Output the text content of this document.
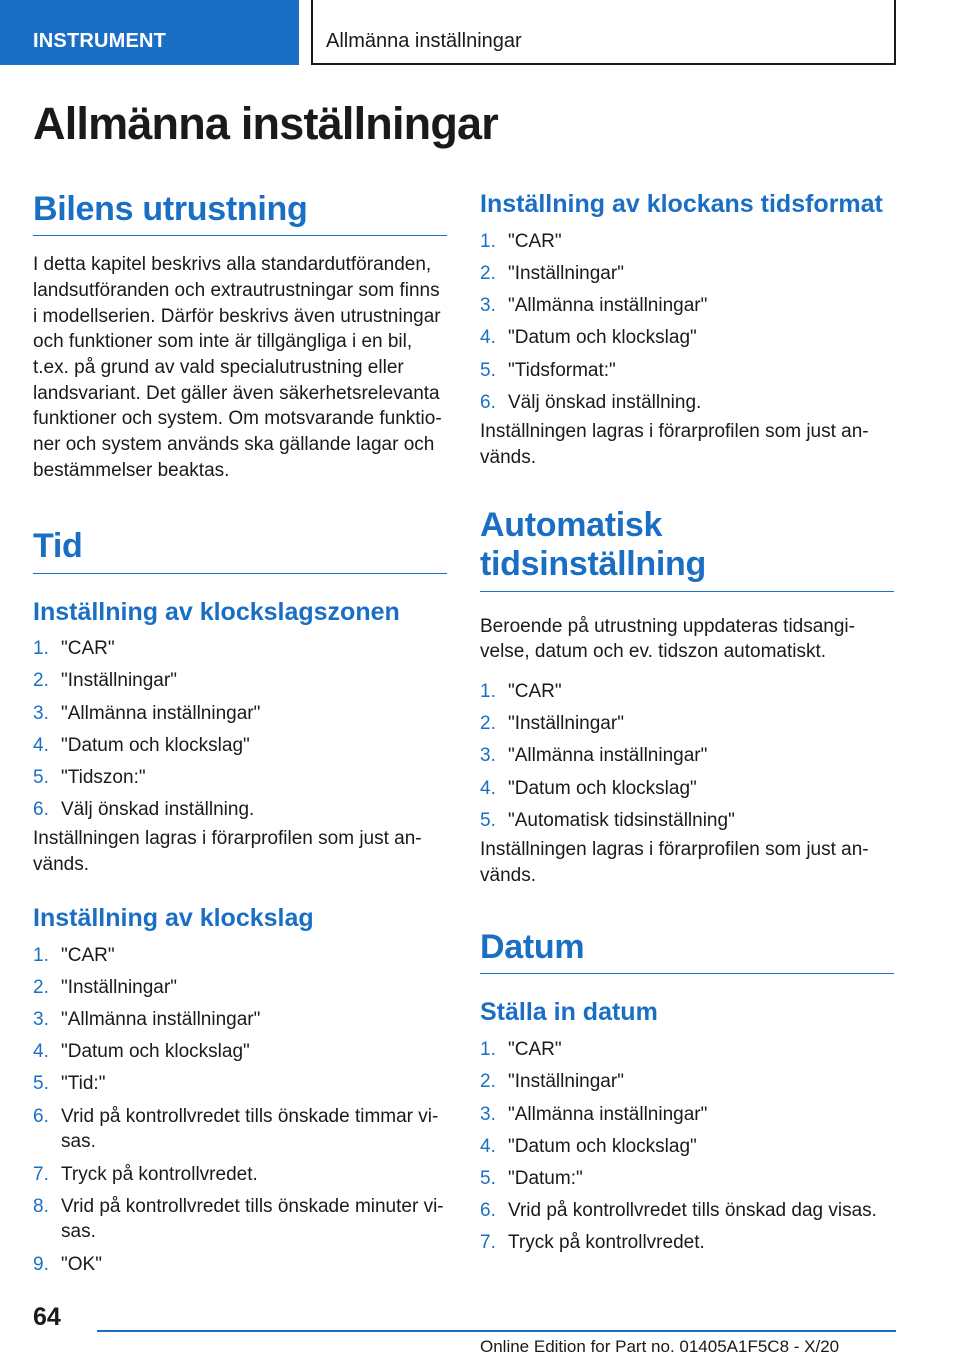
INSTRUMENT	Allmänna inställningar
Allmänna inställningar
Bilens utrustning

I detta kapitel beskrivs alla standardutföranden, landsutföranden och extrautrustningar som finns i modellserien. Därför beskrivs även utrustningar och funktioner som inte är tillgängliga i en bil, t.ex. på grund av vald specialutrustning eller landsvariant. Det gäller även säkerhetsrelevanta funktioner och system. Om motsvarande funktio-ner och system används ska gällande lagar och bestämmelser beaktas.

Tid
Inställning av klockslagszonen
1. "CAR"
2. "Inställningar"
3. "Allmänna inställningar"
4. "Datum och klockslag"
5. "Tidszon:"
6. Välj önskad inställning.

Inställningen lagras i förarprofilen som just an-vänds.

Inställning av klockslag
1. "CAR"
2. "Inställningar"
3. "Allmänna inställningar"
4. "Datum och klockslag"
5. "Tid:"
6. Vrid på kontrollvredet tills önskade timmar vi-sas.
7. Tryck på kontrollvredet.
8. Vrid på kontrollvredet tills önskade minuter vi-sas.
9. "OK"
Inställning av klockans tidsformat
1. "CAR"
2. "Inställningar"
3. "Allmänna inställningar"
4. "Datum och klockslag"
5. "Tidsformat:"
6. Välj önskad inställning.

Inställningen lagras i förarprofilen som just an-vänds.

Automatisk tidsinställning

Beroende på utrustning uppdateras tidsangi-velse, datum och ev. tidszon automatiskt.

1. "CAR"
2. "Inställningar"
3. "Allmänna inställningar"
4. "Datum och klockslag"
5. "Automatisk tidsinställning"

Inställningen lagras i förarprofilen som just an-vänds.

Datum
Ställa in datum
1. "CAR"
2. "Inställningar"
3. "Allmänna inställningar"
4. "Datum och klockslag"
5. "Datum:"
6. Vrid på kontrollvredet tills önskad dag visas.
7. Tryck på kontrollvredet.
64
Online Edition for Part no. 01405A1F5C8 - X/20
